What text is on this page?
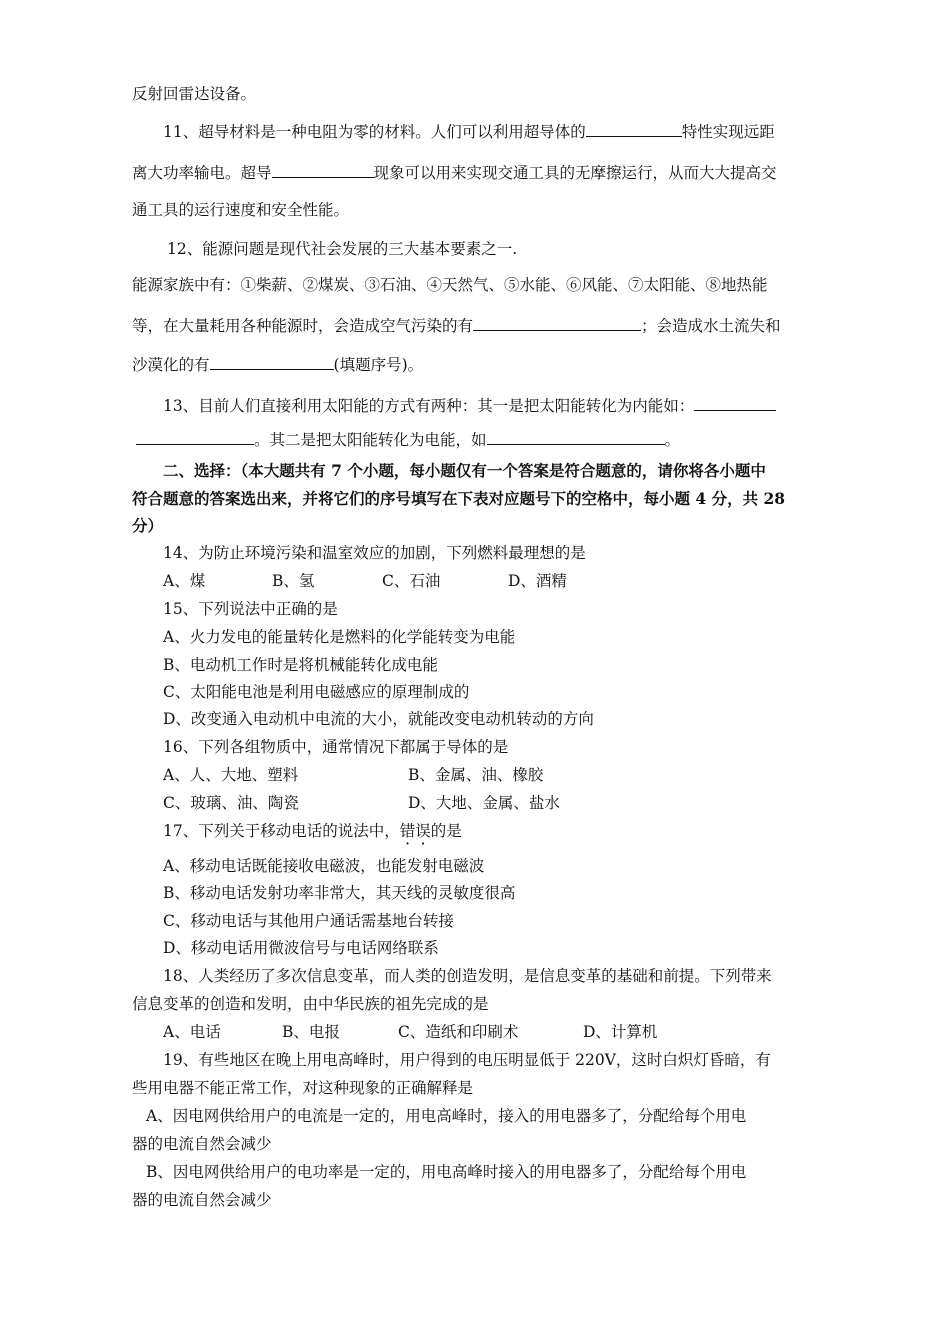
反射回雷达设备。
11、超导材料是一种电阻为零的材料。人们可以利用超导体的	特性实现远距
离大功率输电。超导	现象可以用来实现交通工具的无摩擦运行，从而大大提高交
通工具的运行速度和安全性能。
12、能源问题是现代社会发展的三大基本要素之一.
能源家族中有：①柴薪、②煤炭、③石油、④天然气、⑤水能、⑥风能、⑦太阳能、⑧地热能
等，在大量耗用各种能源时，会造成空气污染的有	；会造成水土流失和
沙漠化的有	(填题序号)。
13、目前人们直接利用太阳能的方式有两种：其一是把太阳能转化为内能如：
。其二是把太阳能转化为电能，如	。
二、选择：（本大题共有 7 个小题，每小题仅有一个答案是符合题意的，请你将各小题中
符合题意的答案选出来，并将它们的序号填写在下表对应题号下的空格中，每小题 4 分，共 28
分）
14、为防止环境污染和温室效应的加剧，下列燃料最理想的是
A、煤	B、氢	C、石油	D、酒精
15、下列说法中正确的是
A、火力发电的能量转化是燃料的化学能转变为电能
B、电动机工作时是将机械能转化成电能
C、太阳能电池是利用电磁感应的原理制成的
D、改变通入电动机中电流的大小，就能改变电动机转动的方向
16、下列各组物质中，通常情况下都属于导体的是
A、人、大地、塑料	B、金属、油、橡胶
C、玻璃、油、陶瓷	D、大地、金属、盐水
17、下列关于移动电话的说法中，错误的是
A、移动电话既能接收电磁波，也能发射电磁波
B、移动电话发射功率非常大，其天线的灵敏度很高
C、移动电话与其他用户通话需基地台转接
D、移动电话用微波信号与电话网络联系
18、人类经历了多次信息变革，而人类的创造发明，是信息变革的基础和前提。下列带来
信息变革的创造和发明，由中华民族的祖先完成的是
A、电话	B、电报	C、造纸和印刷术	D、计算机
19、有些地区在晚上用电高峰时，用户得到的电压明显低于 220V，这时白炽灯昏暗，有
些用电器不能正常工作，对这种现象的正确解释是
A、因电网供给用户的电流是一定的，用电高峰时，接入的用电器多了，分配给每个用电
器的电流自然会减少
B、因电网供给用户的电功率是一定的，用电高峰时接入的用电器多了，分配给每个用电
器的电流自然会减少
